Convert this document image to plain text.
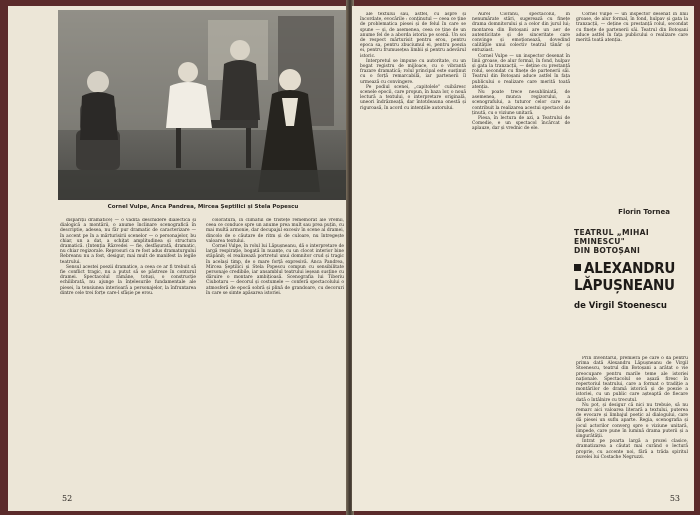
Cornel Vulpe, Anca Pandrea, Mircea Șeptilici și Stela Popescu

dispariții dramatice) — o văditǎ deschidere dialectică și dialogică a montării, o anume înclinare scenografică în descriptie, adesea, nu fǎr pur dramatic de caracterizare — în accent pe în a mărturisirii scenelor — o personajelor, bu chiar, un a dat, a schițat amplitudinea și structura dramatică. (Intenția Rǎzvedei — fie, desfășuratǎ, dramatic, nu chiar regizorale. Reprosuri ca re fost adus dramaturgului Rebreanu nu a fost, desigur, mai mult de manifest la legile teatrului.

Sensul acestei poezii dramatice, a ceea ce ar fi trebuit să fie conflict tragic, nu a putut să se păstreze în conturul dramei. Spectacolul rămâne, totuși, o construcție echilibrată, nu ajunge la înțelesurile fundamentale ale piesei, la tensiunea interioară a personajelor, la înfruntarea dintre cele trei forțe care-l sfâșie pe erou.

coloratură, în climatul de tristețe rememorat ale vremii, ceea ce conduce spre un anume prea mult sau prea puțin, cu mai multă armonie, dar decupajul excesiv în scene al dramei, dincolo de o căutare de ritm și de culoare, nu întregește valoarea textului.

Cornel Vulpe, în rolul lui Lăpușneanu, dă o interpretare de largă respirație, bogată în nuanțe, cu un clocot interior bine stăpânit; el realizează portretul unui domnitor crud și tragic în același timp, de o mare forță expresivă. Anca Pandrea, Mircea Șeptilici și Stela Popescu compun cu sensibilitate personaje credibile, iar ansamblul teatrului ieșean susține cu dăruire o montare ambițioasă. Scenografia lui Tiberiu Ciubotaru — decorul și costumele — conferă spectacolului o atmosferă de epocă sobră și plină de grandoare, cu decoruri în care se simte apăsarea istoriei.

52

ale textului său, astfel, cu aspre și încordate, evocările : conținutul — ceea ce ține de problematica piesei și de felul în care se spune — și, de asemenea, ceea ce ține de un anume fel de a aborda istoria pe scenă. Un soi de respect mărturisit pentru erou, pentru epoca sa, pentru zbuciumul ei, pentru poezia ei, pentru frumusețea limbii și pentru adevărul istoric.

Interpretul se impune cu autoritate, cu un bogat registru de mijloace, cu o vibrantă frazare dramatică; rolul principal este susținut cu o forță remarcabilă, iar partenerii îl urmează cu convingere.

Pe podiul scenei, „capitolele" cuibăresc scenele epocii, care propun, în baza lor, o nouă lectură a textului, o interpretare originală, uneori îndrăzneață, dar întotdeauna onestă și riguroasă, în acord cu intențiile autorului.

Aurel Cioranu, spectacolul, în nenumărate stări, sugerează cu finețe drama domnitorului și a celor din jurul lui; montarea din Botoșani are un aer de autenticitate și de sinceritate care convinge și emoționează, dovedind calitățile unui colectiv teatral tânăr și entuziast.

Cornel Vulpe — un inspector desenat în linii groase, de alur formal, în fond, hulpav și gata la tranzacții, — deține cu prestanță rolul, secondat cu finețe de partenerii săi. Teatrul din Botoșani aduce astfel în fața publicului o realizare care merită toată atenția.

Nu poate trece nesubliniată, de asemenea, munca regizorului, a scenografului, a tuturor celor care au contribuit la realizarea acestui spectacol de ținută, cu o viziune unitară.

Piesa, în lectura de azi, a Teatrului de Comedie, e un spectacol încărcat de aplauze, dar și vrednic de ele.

Cornel Vulpe — un inspector desenat în linii groase, de alur formal, în fond, hulpav și gata la tranzacții, — deține cu prestanță rolul, secondat cu finețe de partenerii săi. Teatrul din Botoșani aduce astfel în fața publicului o realizare care merită toată atenția.

Florin Tornea
TEATRUL „MIHAI EMINESCU"
DIN BOTOȘANI
ALEXANDRU
LĂPUȘNEANU
de Virgil Stoenescu

Prin Inventarul, premiera pe care o dă pentru prima dată Alexandru Lăpușneanu de Virgil Stoenescu, teatrul din Botoșani a arătat o vie preocupare pentru marile teme ale istoriei naționale. Spectacolul se așază firesc în repertoriul teatrului, care a format o tradiție a montărilor de dramă istorică și de poezie a istoriei, cu un public care așteaptă de fiecare dată o întâlnire cu trecutul.

Nu pot, și desigur că nici nu trebuie, să nu remarc aici valoarea literară a textului, puterea de evocare și limbajul poetic al dialogului, care dă piesei un suflu aparte. Regia, scenografia și jocul actorilor converg spre o viziune unitară, limpede, care pune în lumină drama puterii și a singurătății.

Intrat pe poarta largă a prozei clasice, dramatizarea a căutat mai curând o lectură proprie, cu accente noi, fără a trăda spiritul nuvelei lui Costache Negruzzi.

53
